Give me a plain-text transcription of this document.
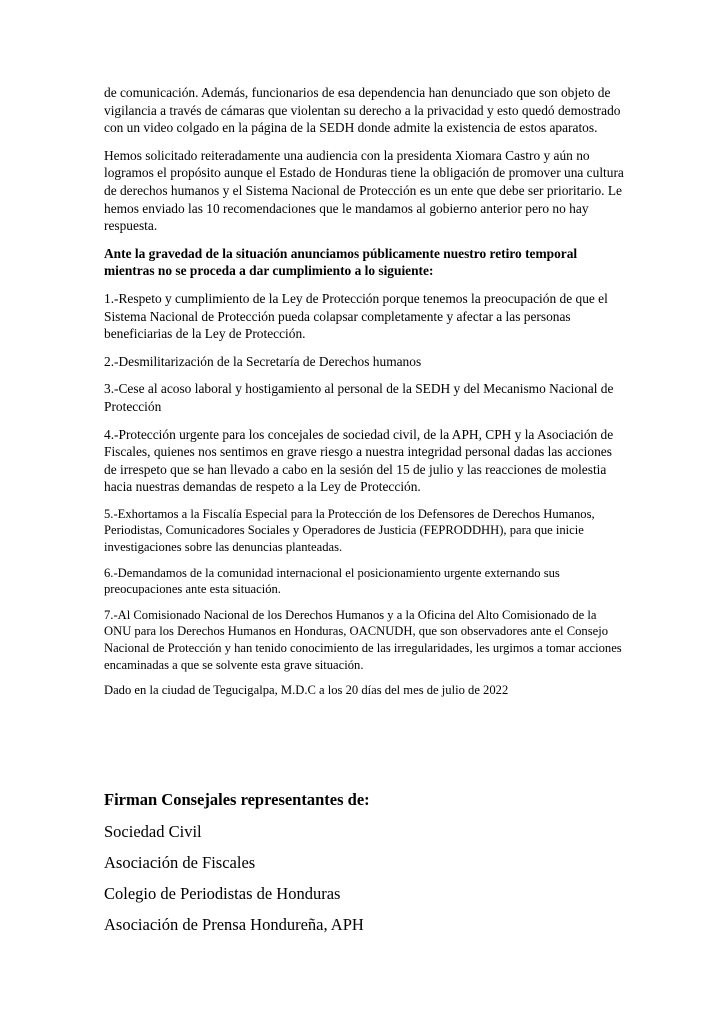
de comunicación. Además, funcionarios de esa dependencia han denunciado que son objeto de vigilancia a través de cámaras que violentan su derecho a la privacidad y esto quedó demostrado con un video colgado en la página de la SEDH donde admite la existencia de estos aparatos.

Hemos solicitado reiteradamente una audiencia con la presidenta Xiomara Castro y aún no logramos el propósito aunque el Estado de Honduras tiene la obligación de promover una cultura de derechos humanos y el Sistema Nacional de Protección es un ente que debe ser prioritario. Le hemos enviado las 10 recomendaciones que le mandamos al gobierno anterior pero no hay respuesta.

Ante la gravedad de la situación anunciamos públicamente nuestro retiro temporal mientras no se proceda a dar cumplimiento a lo siguiente:

1.-Respeto y cumplimiento de la Ley de Protección porque tenemos la preocupación de que el Sistema Nacional de Protección pueda colapsar completamente y afectar a las personas beneficiarias de la Ley de Protección.

2.-Desmilitarización de la Secretaría de Derechos humanos

3.-Cese al acoso laboral y hostigamiento al personal de la SEDH y del Mecanismo Nacional de Protección

4.-Protección urgente para los concejales de sociedad civil, de la APH, CPH y la Asociación de Fiscales, quienes nos sentimos en grave riesgo a nuestra integridad personal dadas las acciones de irrespeto que se han llevado a cabo en la sesión del 15 de julio y las reacciones de molestia hacia nuestras demandas de respeto a la Ley de Protección.

5.-Exhortamos a la Fiscalía Especial para la Protección de los Defensores de Derechos Humanos, Periodistas, Comunicadores Sociales y Operadores de Justicia (FEPRODDHH), para que inicie investigaciones sobre las denuncias planteadas.

6.-Demandamos de la comunidad internacional el posicionamiento urgente externando sus preocupaciones ante esta situación.

7.-Al Comisionado Nacional de los Derechos Humanos y a la Oficina del Alto Comisionado de la ONU para los Derechos Humanos en Honduras, OACNUDH, que son observadores ante el Consejo Nacional de Protección y han tenido conocimiento de las irregularidades, les urgimos a tomar acciones encaminadas a que se solvente esta grave situación.

Dado en la ciudad de Tegucigalpa, M.D.C a los 20 días del mes de julio de 2022

Firman Consejales representantes de:

Sociedad Civil

Asociación de Fiscales

Colegio de Periodistas de Honduras

Asociación de Prensa Hondureña, APH
